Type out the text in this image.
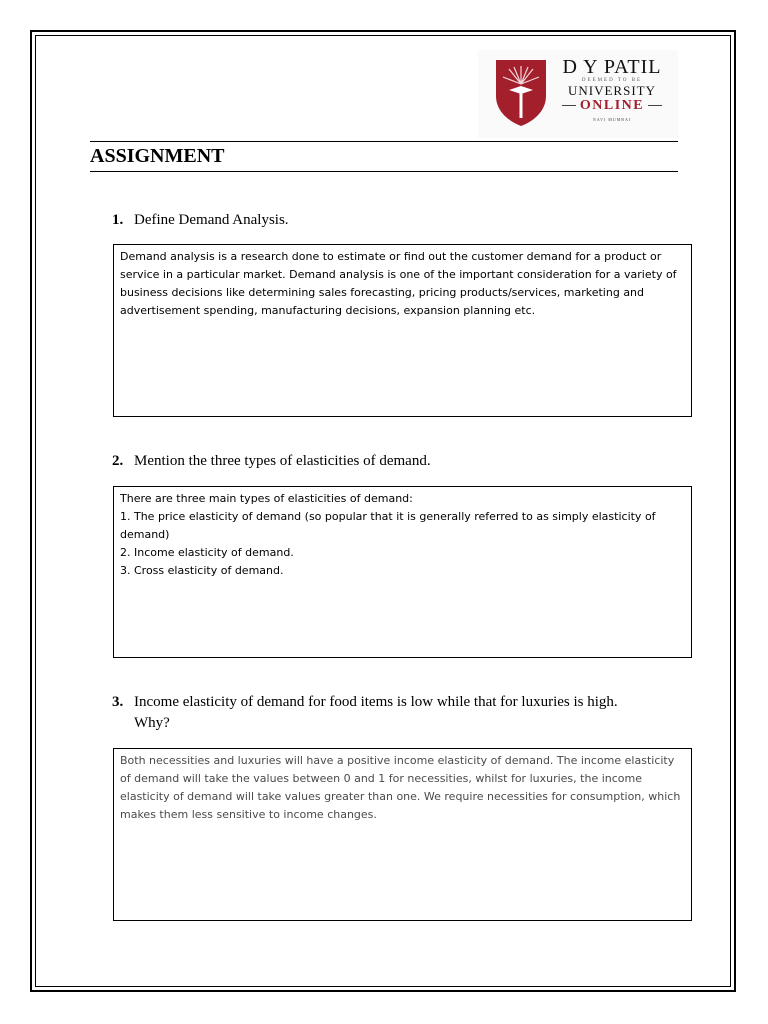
D Y PATIL
DEEMED TO BE
UNIVERSITY
ONLINE
NAVI MUMBAI
ASSIGNMENT
1. Define Demand Analysis.
Demand analysis is a research done to estimate or find out the customer demand for a product or service in a particular market. Demand analysis is one of the important consideration for a variety of business decisions like determining sales forecasting, pricing products/services, marketing and advertisement spending, manufacturing decisions, expansion planning etc.
2. Mention the three types of elasticities of demand.
There are three main types of elasticities of demand:
1. The price elasticity of demand (so popular that it is generally referred to as simply elasticity of demand)
2. Income elasticity of demand.
3. Cross elasticity of demand.
3. Income elasticity of demand for food items is low while that for luxuries is high.
Why?
Both necessities and luxuries will have a positive income elasticity of demand. The income elasticity of demand will take the values between 0 and 1 for necessities, whilst for luxuries, the income elasticity of demand will take values greater than one. We require necessities for consumption, which makes them less sensitive to income changes.
